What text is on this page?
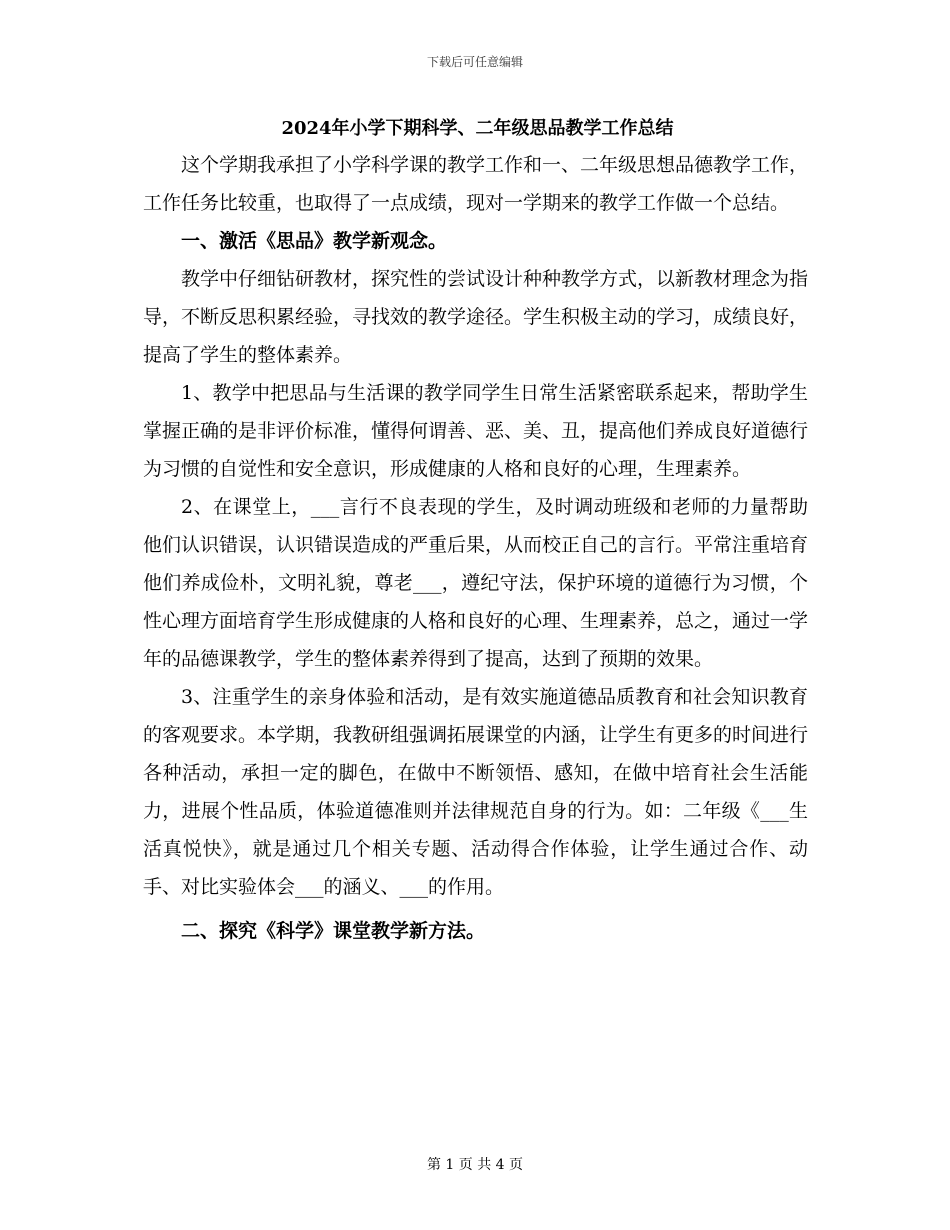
下载后可任意编辑
2024年小学下期科学、二年级思品教学工作总结

这个学期我承担了小学科学课的教学工作和一、二年级思想品德教学工作，工作任务比较重，也取得了一点成绩，现对一学期来的教学工作做一个总结。

一、激活《思品》教学新观念。

教学中仔细钻研教材，探究性的尝试设计种种教学方式，以新教材理念为指导，不断反思积累经验，寻找效的教学途径。学生积极主动的学习，成绩良好，提高了学生的整体素养。

1、教学中把思品与生活课的教学同学生日常生活紧密联系起来，帮助学生掌握正确的是非评价标准，懂得何谓善、恶、美、丑，提高他们养成良好道德行为习惯的自觉性和安全意识，形成健康的人格和良好的心理，生理素养。

2、在课堂上，___言行不良表现的学生，及时调动班级和老师的力量帮助他们认识错误，认识错误造成的严重后果，从而校正自己的言行。平常注重培育他们养成俭朴，文明礼貌，尊老___，遵纪守法，保护环境的道德行为习惯，个性心理方面培育学生形成健康的人格和良好的心理、生理素养，总之，通过一学年的品德课教学，学生的整体素养得到了提高，达到了预期的效果。

3、注重学生的亲身体验和活动，是有效实施道德品质教育和社会知识教育的客观要求。本学期，我教研组强调拓展课堂的内涵，让学生有更多的时间进行各种活动，承担一定的脚色，在做中不断领悟、感知，在做中培育社会生活能力，进展个性品质，体验道德准则并法律规范自身的行为。如：二年级《___生活真悦快》，就是通过几个相关专题、活动得合作体验，让学生通过合作、动手、对比实验体会___的涵义、___的作用。

二、探究《科学》课堂教学新方法。

第 1 页 共 4 页
